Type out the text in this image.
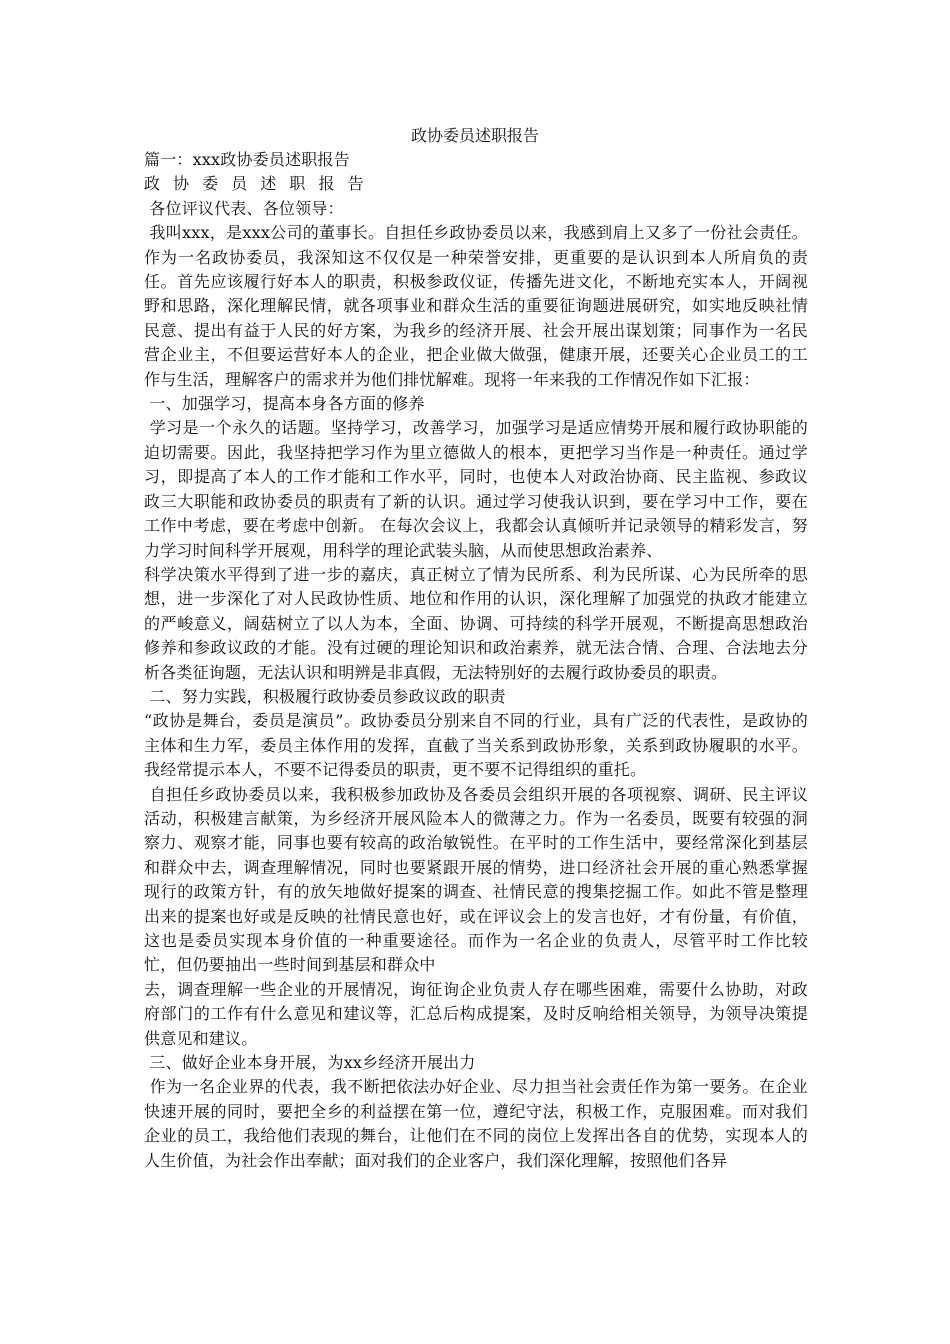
政协委员述职报告

篇一：xxx政协委员述职报告

政 协 委 员 述 职 报 告

各位评议代表、各位领导：

我叫xxx，是xxx公司的董事长。自担任乡政协委员以来，我感到肩上又多了一份社会责任。作为一名政协委员，我深知这不仅仅是一种荣誉安排，更重要的是认识到本人所肩负的责任。首先应该履行好本人的职责，积极参政仪证，传播先进文化，不断地充实本人，开阔视野和思路，深化理解民情，就各项事业和群众生活的重要征询题进展研究，如实地反映社情民意、提出有益于人民的好方案，为我乡的经济开展、社会开展出谋划策；同事作为一名民营企业主，不但要运营好本人的企业，把企业做大做强，健康开展，还要关心企业员工的工作与生活，理解客户的需求并为他们排忧解难。现将一年来我的工作情况作如下汇报：

一、加强学习，提高本身各方面的修养

学习是一个永久的话题。坚持学习，改善学习，加强学习是适应情势开展和履行政协职能的迫切需要。因此，我坚持把学习作为里立德做人的根本，更把学习当作是一种责任。通过学习，即提高了本人的工作才能和工作水平，同时，也使本人对政治协商、民主监视、参政议政三大职能和政协委员的职责有了新的认识。通过学习使我认识到，要在学习中工作，要在工作中考虑，要在考虑中创新。 在每次会议上，我都会认真倾听并记录领导的精彩发言，努力学习时间科学开展观，用科学的理论武装头脑，从而使思想政治素养、

科学决策水平得到了进一步的嘉庆，真正树立了情为民所系、利为民所谋、心为民所牵的思想，进一步深化了对人民政协性质、地位和作用的认识，深化理解了加强党的执政才能建立的严峻意义，阔菇树立了以人为本，全面、协调、可持续的科学开展观，不断提高思想政治修养和参政议政的才能。没有过硬的理论知识和政治素养，就无法合情、合理、合法地去分析各类征询题，无法认识和明辨是非真假，无法特别好的去履行政协委员的职责。

二、努力实践，积极履行政协委员参政议政的职责

“政协是舞台，委员是演员”。政协委员分别来自不同的行业，具有广泛的代表性，是政协的主体和生力军，委员主体作用的发挥，直截了当关系到政协形象，关系到政协履职的水平。我经常提示本人，不要不记得委员的职责，更不要不记得组织的重托。

自担任乡政协委员以来，我积极参加政协及各委员会组织开展的各项视察、调研、民主评议活动，积极建言献策，为乡经济开展风险本人的微薄之力。作为一名委员，既要有较强的洞察力、观察才能，同事也要有较高的政治敏锐性。在平时的工作生活中，要经常深化到基层和群众中去，调查理解情况，同时也要紧跟开展的情势，进口经济社会开展的重心熟悉掌握现行的政策方针，有的放矢地做好提案的调查、社情民意的搜集挖掘工作。如此不管是整理出来的提案也好或是反映的社情民意也好，或在评议会上的发言也好，才有份量，有价值，这也是委员实现本身价值的一种重要途径。而作为一名企业的负责人，尽管平时工作比较忙，但仍要抽出一些时间到基层和群众中

去，调查理解一些企业的开展情况，询征询企业负责人存在哪些困难，需要什么协助，对政府部门的工作有什么意见和建议等，汇总后构成提案，及时反响给相关领导，为领导决策提供意见和建议。

三、做好企业本身开展，为xx乡经济开展出力

作为一名企业界的代表，我不断把依法办好企业、尽力担当社会责任作为第一要务。在企业快速开展的同时，要把全乡的利益摆在第一位，遵纪守法，积极工作，克服困难。而对我们企业的员工，我给他们表现的舞台，让他们在不同的岗位上发挥出各自的优势，实现本人的人生价值，为社会作出奉献；面对我们的企业客户，我们深化理解，按照他们各异
